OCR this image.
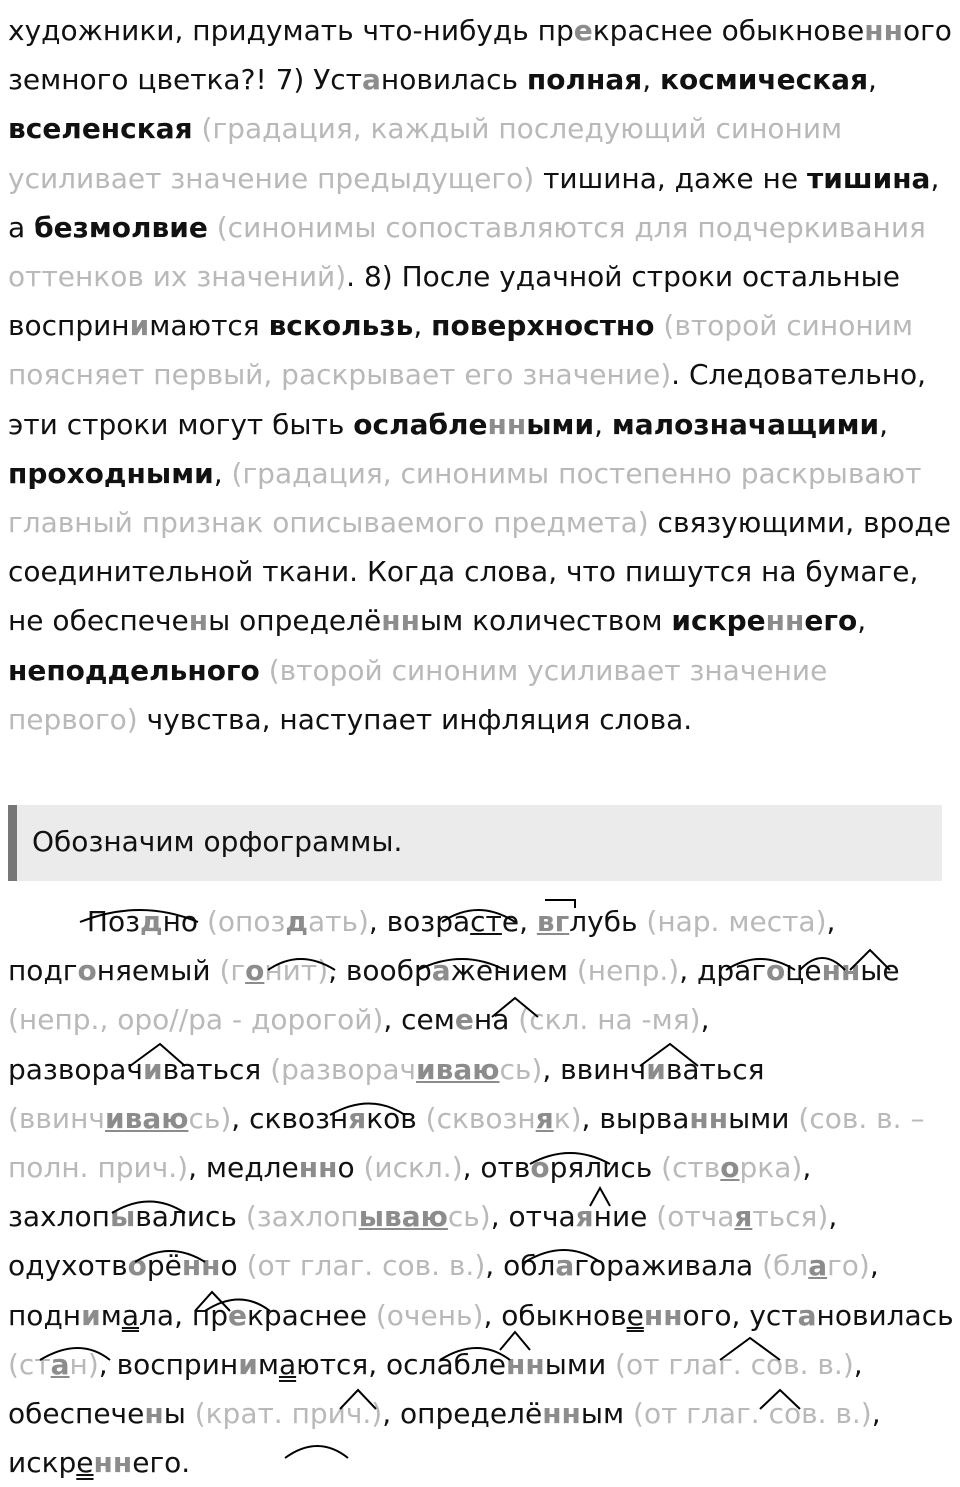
художники, придумать что-нибудь прекраснее обыкновенного земного цветка?! 7) Установилась полная, космическая, вселенская (градация, каждый последующий синоним усиливает значение предыдущего) тишина, даже не тишина, а безмолвие (синонимы сопоставляются для подчеркивания оттенков их значений). 8) После удачной строки остальные воспринимаются вскользь, поверхностно (второй синоним поясняет первый, раскрывает его значение). Следовательно, эти строки могут быть ослабленными, малозначащими, проходными, (градация, синонимы постепенно раскрывают главный признак описываемого предмета) связующими, вроде соединительной ткани. Когда слова, что пишутся на бумаге, не обеспечены определённым количеством искреннего, неподдельного (второй синоним усиливает значение первого) чувства, наступает инфляция слова.
Обозначим орфограммы.
Поздно (опоздать), возрасте, вглубь (нар. места), подгоняемый (гонит), воображением (непр.), драгоценные (непр., оро//ра - дорогой), семена (скл. на -мя), разворачиваться (разворачиваюсь), ввинчиваться (ввинчиваюсь), сквозняков (сквозняк), вырванными (сов. в. – полн. прич.), медленно (искл.), отворялись (створка), захлопывались (захлопываюсь), отчаяние (отчаяться), одухотворённо (от глаг. сов. в.), облагораживала (благо), поднимала, прекраснее (очень), обыкновенного, установилась (стан), воспринимаются, ослабленными (от глаг. сов. в.), обеспечены (крат. прич.), определённым (от глаг. сов. в.), искреннего.
